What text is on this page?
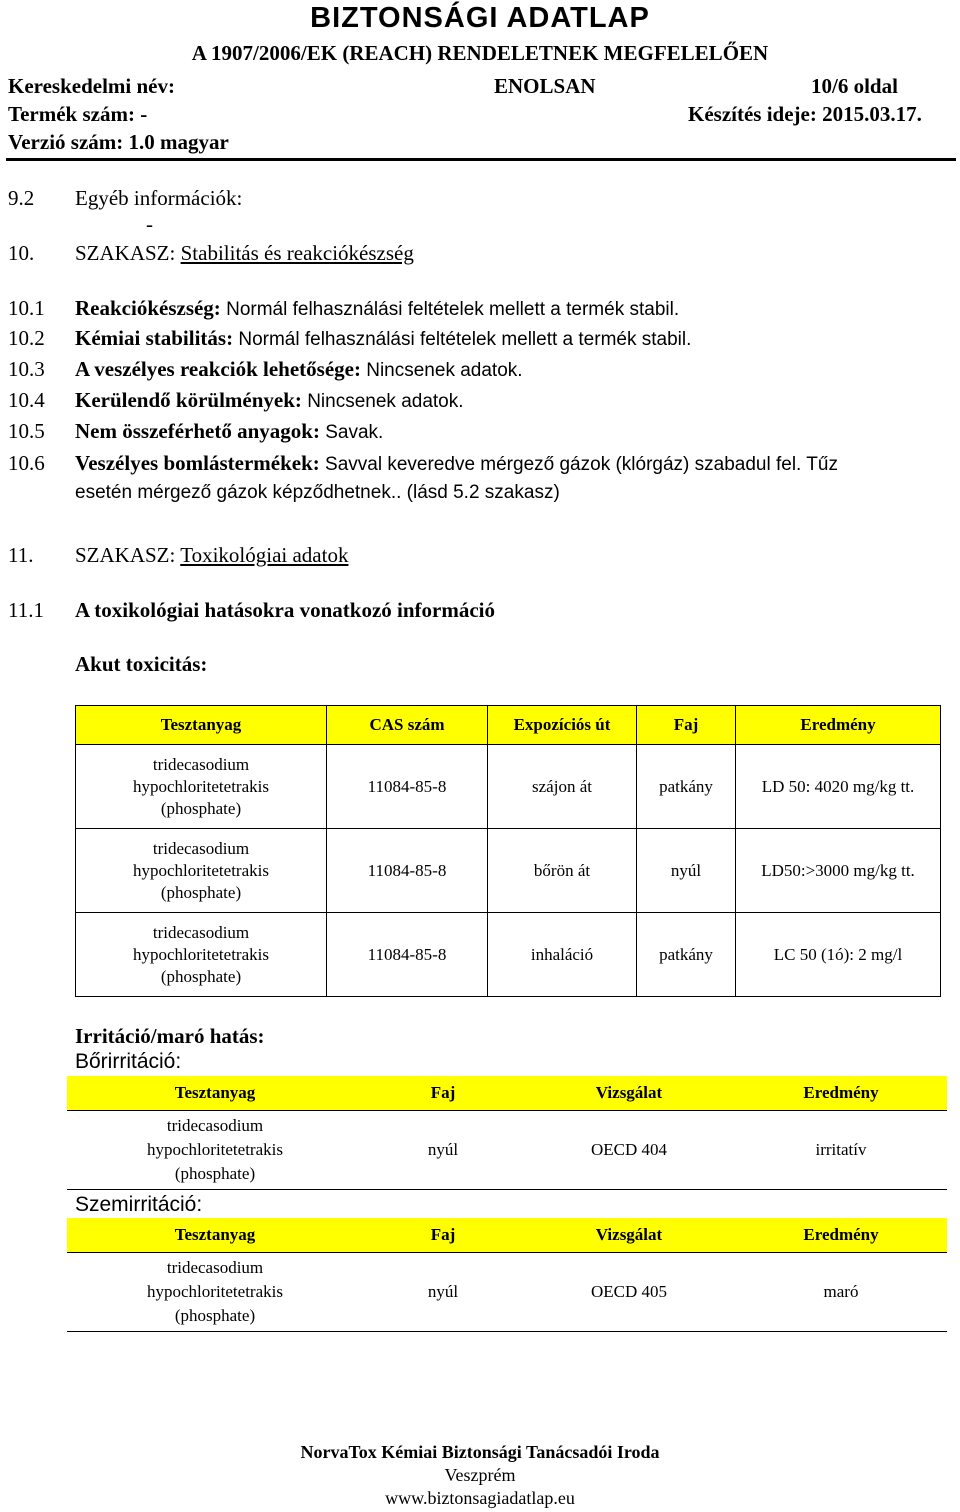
BIZTONSÁGI ADATLAP
A 1907/2006/EK (REACH) RENDELETNEK MEGFELELŐEN
Kereskedelmi név:	ENOLSAN	10/6 oldal
Termék szám: -	Készítés ideje: 2015.03.17.
Verzió szám: 1.0 magyar
9.2 Egyéb információk:
-
10. SZAKASZ: Stabilitás és reakciókészség
10.1 Reakciókészség: Normál felhasználási feltételek mellett a termék stabil.
10.2 Kémiai stabilitás: Normál felhasználási feltételek mellett a termék stabil.
10.3 A veszélyes reakciók lehetősége: Nincsenek adatok.
10.4 Kerülendő körülmények: Nincsenek adatok.
10.5 Nem összeférhető anyagok: Savak.
10.6 Veszélyes bomlástermékek: Savval keveredve mérgező gázok (klórgáz) szabadul fel. Tűz
esetén mérgező gázok képződhetnek.. (lásd 5.2 szakasz)
11. SZAKASZ: Toxikológiai adatok
11.1 A toxikológiai hatásokra vonatkozó információ
Akut toxicitás:
Tesztanyag	CAS szám	Expozíciós út	Faj	Eredmény
tridecasodium
hypochloritetetrakis
(phosphate)	11084-85-8	szájon át	patkány	LD 50: 4020 mg/kg tt.
tridecasodium
hypochloritetetrakis
(phosphate)	11084-85-8	bőrön át	nyúl	LD50:>3000 mg/kg tt.
tridecasodium
hypochloritetetrakis
(phosphate)	11084-85-8	inhaláció	patkány	LC 50 (1ó): 2 mg/l
Irritáció/maró hatás:
Bőrirritáció:
Tesztanyag	Faj	Vizsgálat	Eredmény
tridecasodium
hypochloritetetrakis
(phosphate)	nyúl	OECD 404	irritatív
Szemirritáció:
Tesztanyag	Faj	Vizsgálat	Eredmény
tridecasodium
hypochloritetetrakis
(phosphate)	nyúl	OECD 405	maró
NorvaTox Kémiai Biztonsági Tanácsadói Iroda
Veszprém
www.biztonsagiadatlap.eu
